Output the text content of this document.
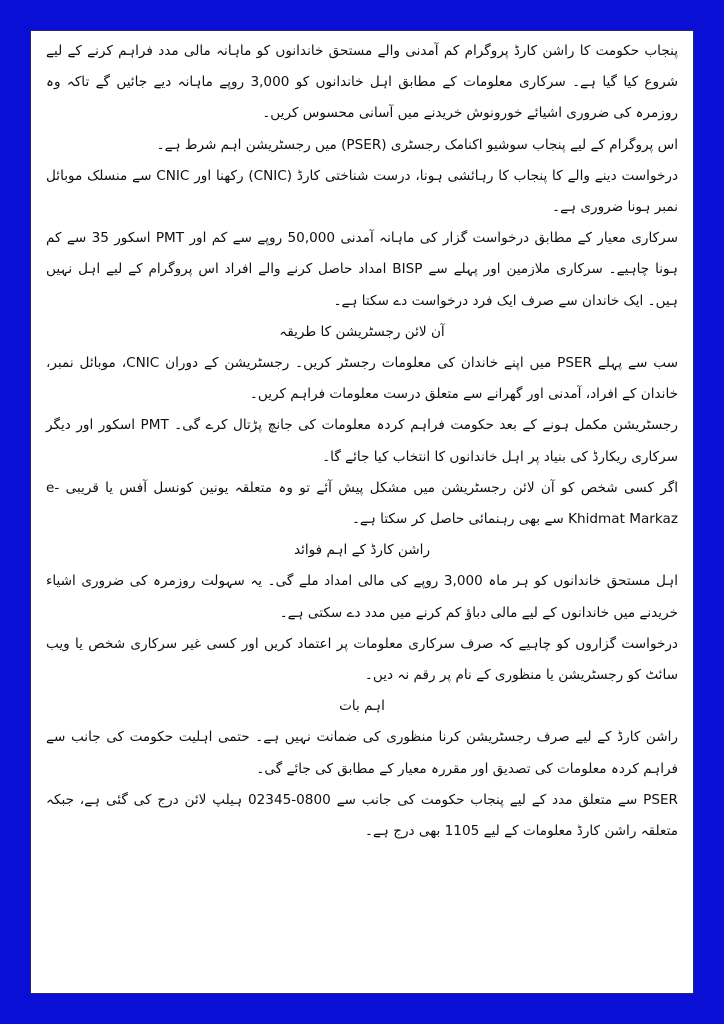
پنجاب حکومت کا راشن کارڈ پروگرام کم آمدنی والے مستحق خاندانوں کو ماہانہ مالی مدد فراہم کرنے کے لیے شروع کیا گیا ہے۔ سرکاری معلومات کے مطابق اہل خاندانوں کو 3,000 روپے ماہانہ دیے جائیں گے تاکہ وہ روزمرہ کی ضروری اشیائے خورونوش خریدنے میں آسانی محسوس کریں۔

اس پروگرام کے لیے پنجاب سوشیو اکنامک رجسٹری (PSER) میں رجسٹریشن اہم شرط ہے۔

درخواست دینے والے کا پنجاب کا رہائشی ہونا، درست شناختی کارڈ (CNIC) رکھنا اور CNIC سے منسلک موبائل نمبر ہونا ضروری ہے۔

سرکاری معیار کے مطابق درخواست گزار کی ماہانہ آمدنی 50,000 روپے سے کم اور PMT اسکور 35 سے کم ہونا چاہیے۔ سرکاری ملازمین اور پہلے سے BISP امداد حاصل کرنے والے افراد اس پروگرام کے لیے اہل نہیں ہیں۔ ایک خاندان سے صرف ایک فرد درخواست دے سکتا ہے۔

آن لائن رجسٹریشن کا طریقہ

سب سے پہلے PSER میں اپنے خاندان کی معلومات رجسٹر کریں۔ رجسٹریشن کے دوران CNIC، موبائل نمبر، خاندان کے افراد، آمدنی اور گھرانے سے متعلق درست معلومات فراہم کریں۔

رجسٹریشن مکمل ہونے کے بعد حکومت فراہم کردہ معلومات کی جانچ پڑتال کرے گی۔ PMT اسکور اور دیگر سرکاری ریکارڈ کی بنیاد پر اہل خاندانوں کا انتخاب کیا جائے گا۔

اگر کسی شخص کو آن لائن رجسٹریشن میں مشکل پیش آئے تو وہ متعلقہ یونین کونسل آفس یا قریبی e-Khidmat Markaz سے بھی رہنمائی حاصل کر سکتا ہے۔

راشن کارڈ کے اہم فوائد

اہل مستحق خاندانوں کو ہر ماہ 3,000 روپے کی مالی امداد ملے گی۔ یہ سہولت روزمرہ کی ضروری اشیاء خریدنے میں خاندانوں کے لیے مالی دباؤ کم کرنے میں مدد دے سکتی ہے۔

درخواست گزاروں کو چاہیے کہ صرف سرکاری معلومات پر اعتماد کریں اور کسی غیر سرکاری شخص یا ویب سائٹ کو رجسٹریشن یا منظوری کے نام پر رقم نہ دیں۔

اہم بات

راشن کارڈ کے لیے صرف رجسٹریشن کرنا منظوری کی ضمانت نہیں ہے۔ حتمی اہلیت حکومت کی جانب سے فراہم کردہ معلومات کی تصدیق اور مقررہ معیار کے مطابق کی جائے گی۔

PSER سے متعلق مدد کے لیے پنجاب حکومت کی جانب سے 0800-02345 ہیلپ لائن درج کی گئی ہے، جبکہ متعلقہ راشن کارڈ معلومات کے لیے 1105 بھی درج ہے۔
